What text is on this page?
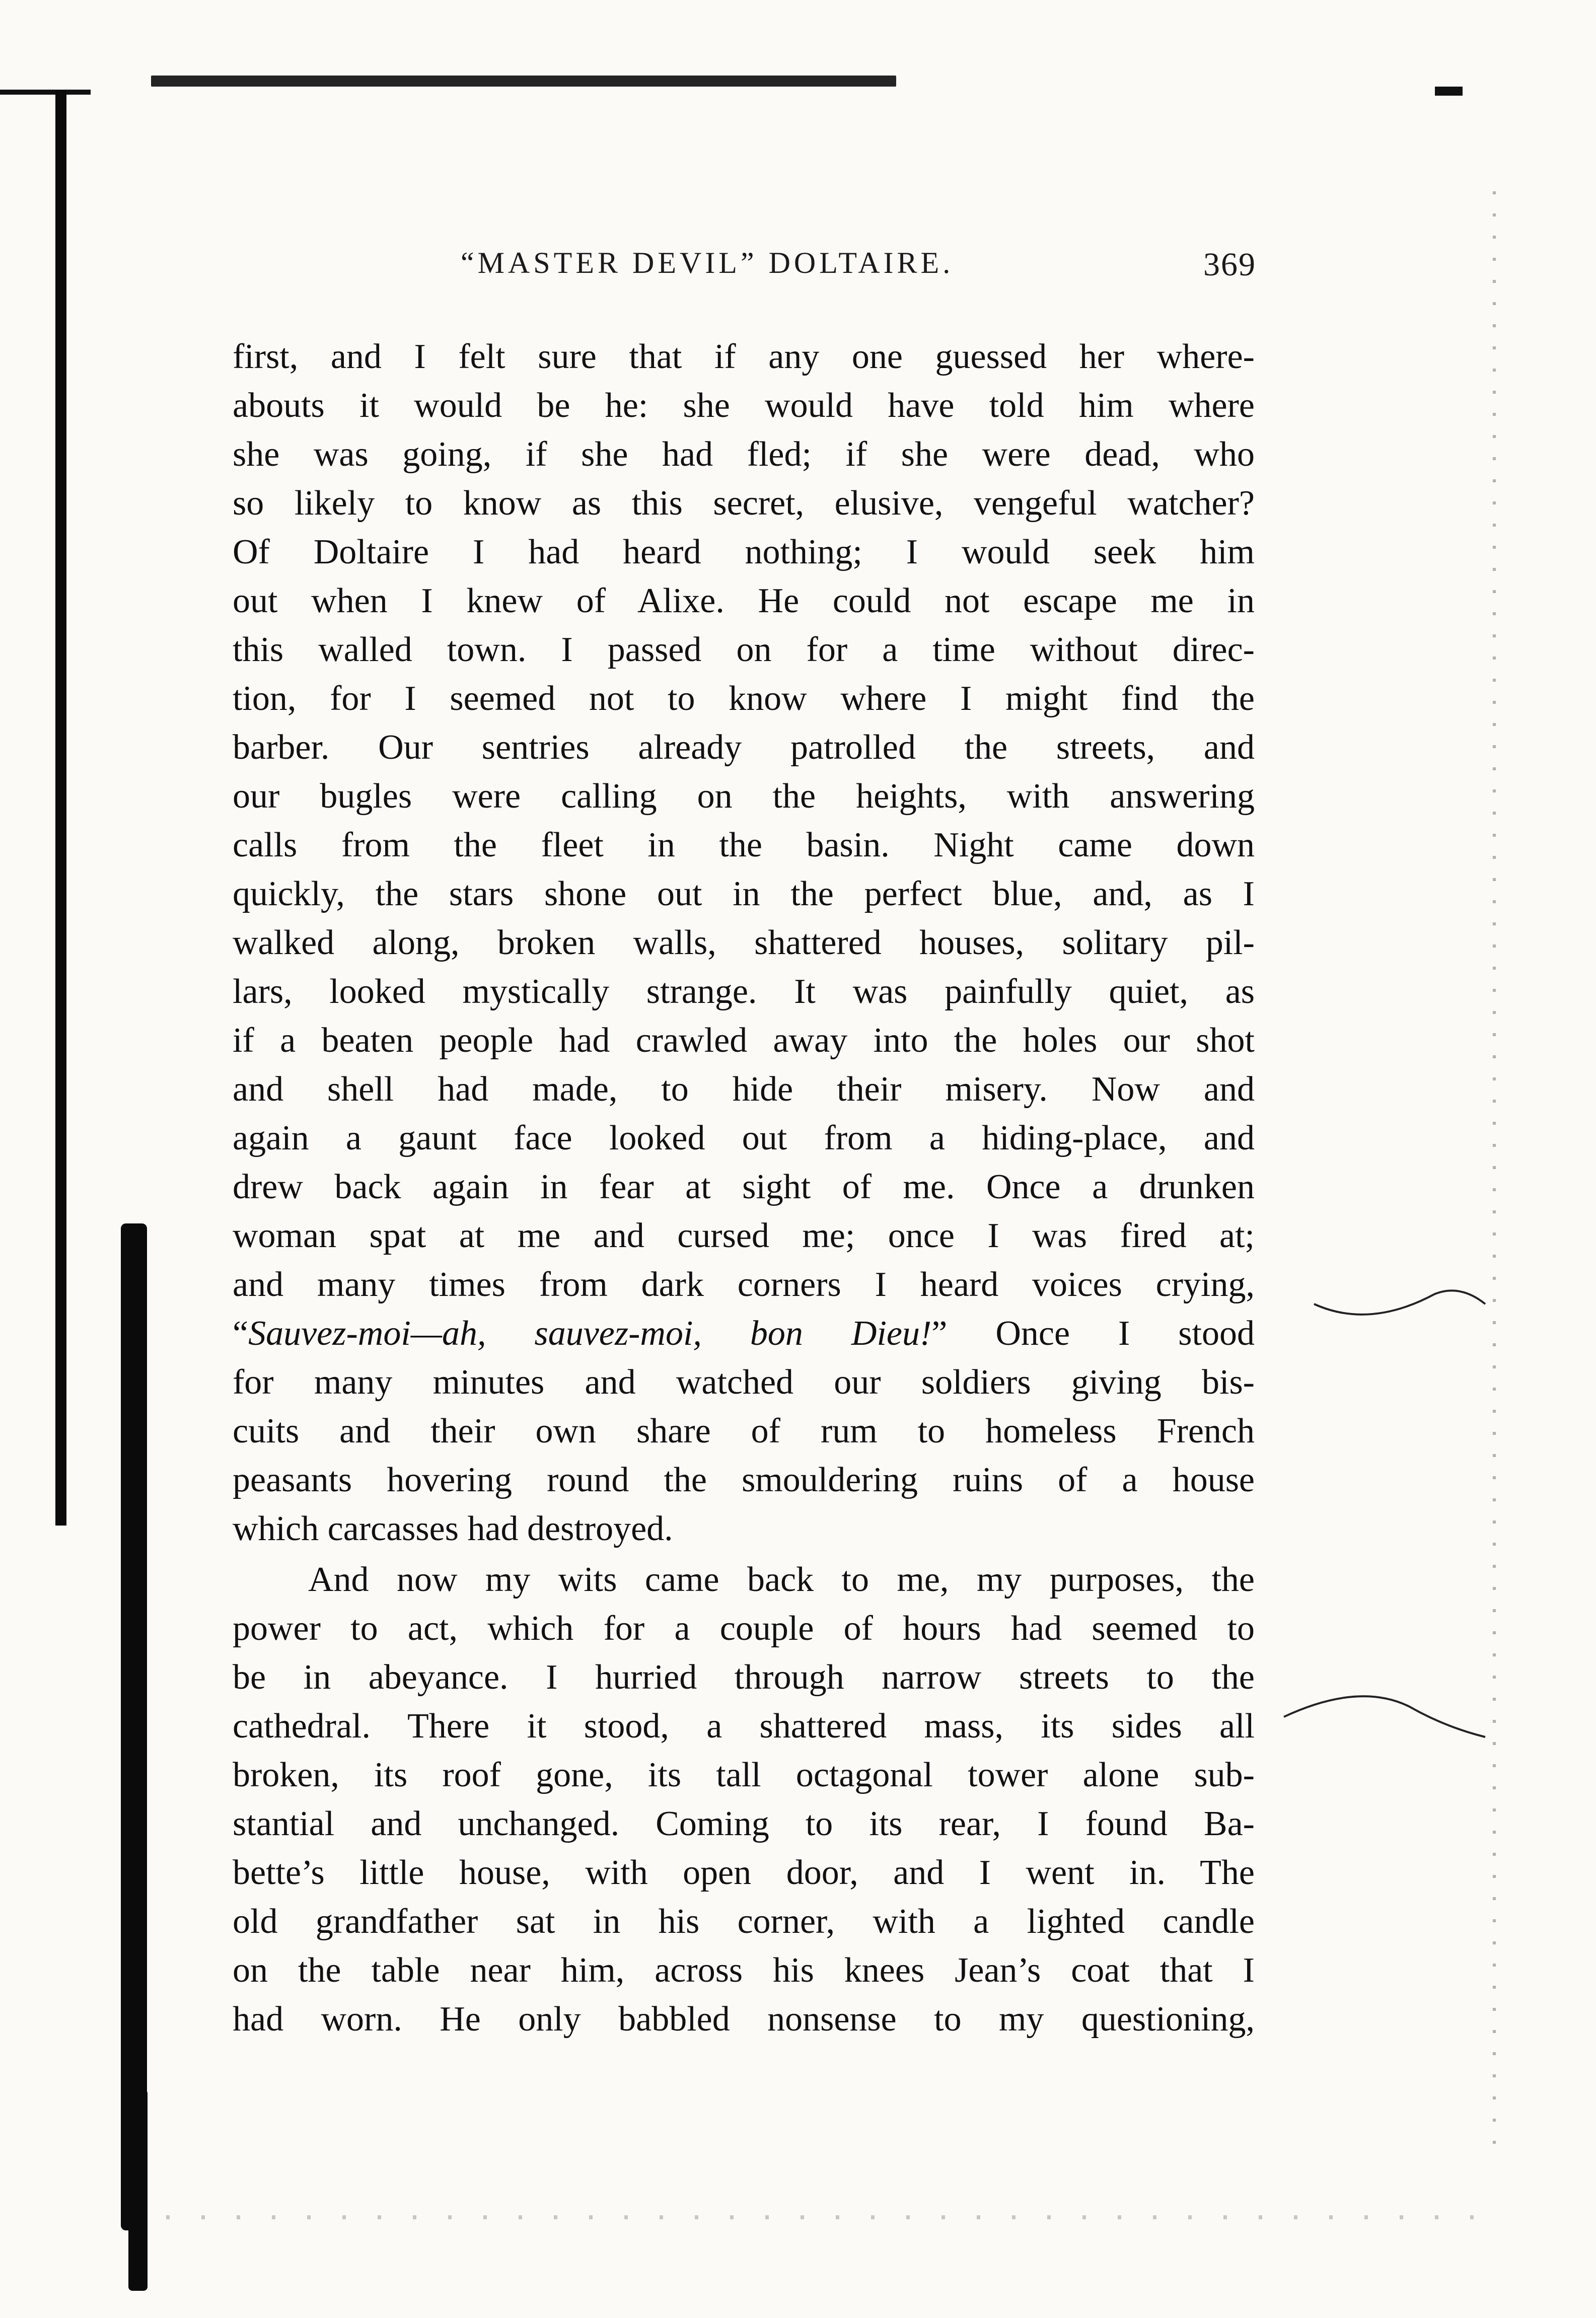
“MASTER DEVIL” DOLTAIRE.	369
first, and I felt sure that if any one guessed her where-
abouts it would be he: she would have told him where
she was going, if she had fled; if she were dead, who
so likely to know as this secret, elusive, vengeful watcher?
Of Doltaire I had heard nothing; I would seek him
out when I knew of Alixe. He could not escape me in
this walled town. I passed on for a time without direc-
tion, for I seemed not to know where I might find the
barber. Our sentries already patrolled the streets, and
our bugles were calling on the heights, with answering
calls from the fleet in the basin. Night came down
quickly, the stars shone out in the perfect blue, and, as I
walked along, broken walls, shattered houses, solitary pil-
lars, looked mystically strange. It was painfully quiet, as
if a beaten people had crawled away into the holes our shot
and shell had made, to hide their misery. Now and
again a gaunt face looked out from a hiding-place, and
drew back again in fear at sight of me. Once a drunken
woman spat at me and cursed me; once I was fired at;
and many times from dark corners I heard voices crying,
“Sauvez-moi—ah, sauvez-moi, bon Dieu!” Once I stood
for many minutes and watched our soldiers giving bis-
cuits and their own share of rum to homeless French
peasants hovering round the smouldering ruins of a house
which carcasses had destroyed.
And now my wits came back to me, my purposes, the
power to act, which for a couple of hours had seemed to
be in abeyance. I hurried through narrow streets to the
cathedral. There it stood, a shattered mass, its sides all
broken, its roof gone, its tall octagonal tower alone sub-
stantial and unchanged. Coming to its rear, I found Ba-
bette’s little house, with open door, and I went in. The
old grandfather sat in his corner, with a lighted candle
on the table near him, across his knees Jean’s coat that I
had worn. He only babbled nonsense to my questioning,
